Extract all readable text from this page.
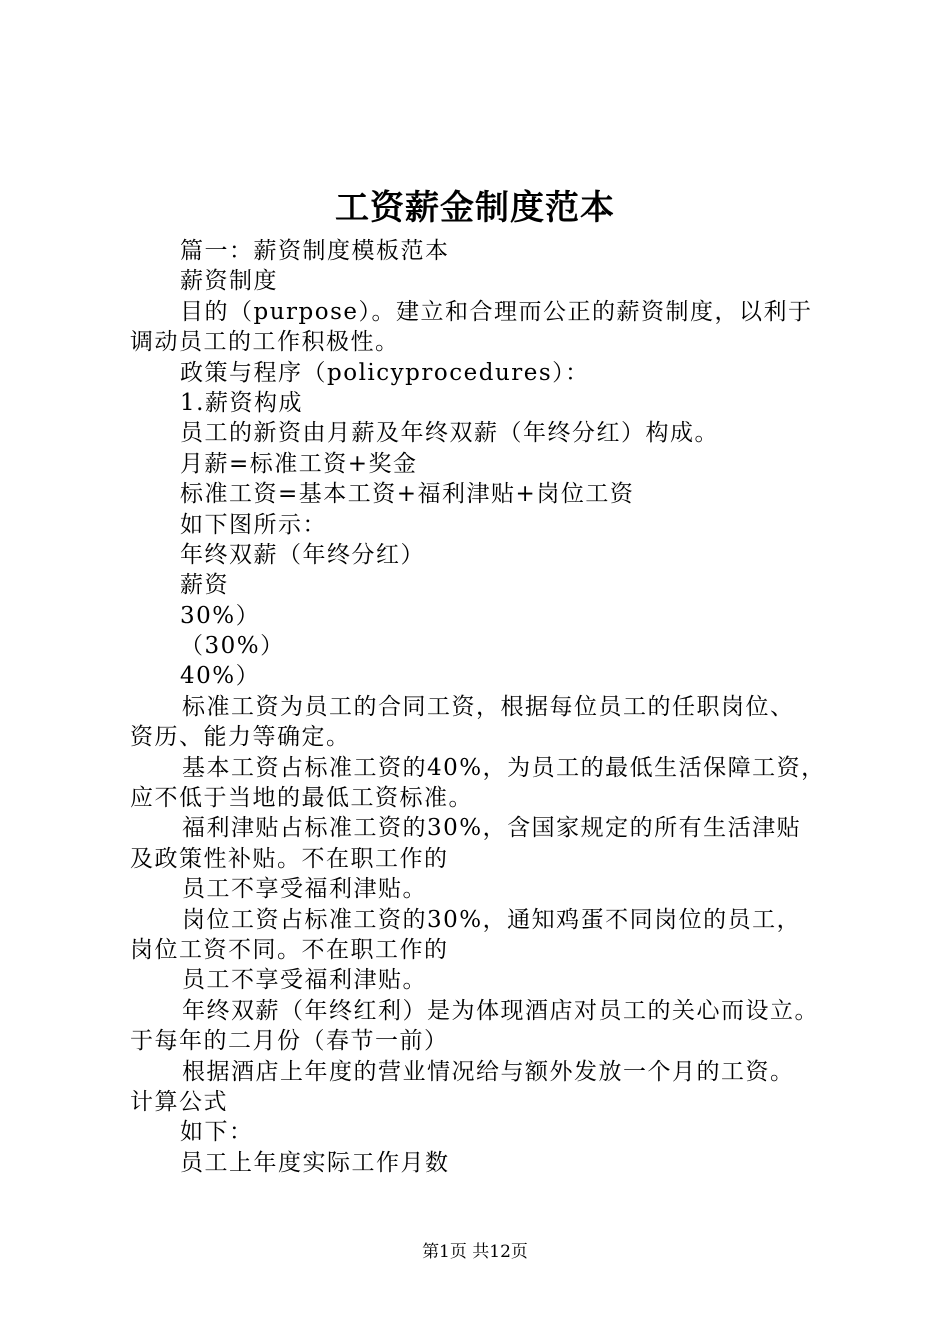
工资薪金制度范本
篇一：薪资制度模板范本
薪资制度
目的（purpose）。建立和合理而公正的薪资制度，以利于
调动员工的工作积极性。
政策与程序（policyprocedures）：
1.薪资构成
员工的新资由月薪及年终双薪（年终分红）构成。
月薪=标准工资+奖金
标准工资=基本工资+福利津贴+岗位工资
如下图所示：
年终双薪（年终分红）
薪资
30%）
（30%）
40%）
标准工资为员工的合同工资，根据每位员工的任职岗位、
资历、能力等确定。
基本工资占标准工资的40%，为员工的最低生活保障工资，
应不低于当地的最低工资标准。
福利津贴占标准工资的30%，含国家规定的所有生活津贴
及政策性补贴。不在职工作的
员工不享受福利津贴。
岗位工资占标准工资的30%，通知鸡蛋不同岗位的员工，
岗位工资不同。不在职工作的
员工不享受福利津贴。
年终双薪（年终红利）是为体现酒店对员工的关心而设立。
于每年的二月份（春节一前）
根据酒店上年度的营业情况给与额外发放一个月的工资。
计算公式
如下：
员工上年度实际工作月数
第1页 共12页
